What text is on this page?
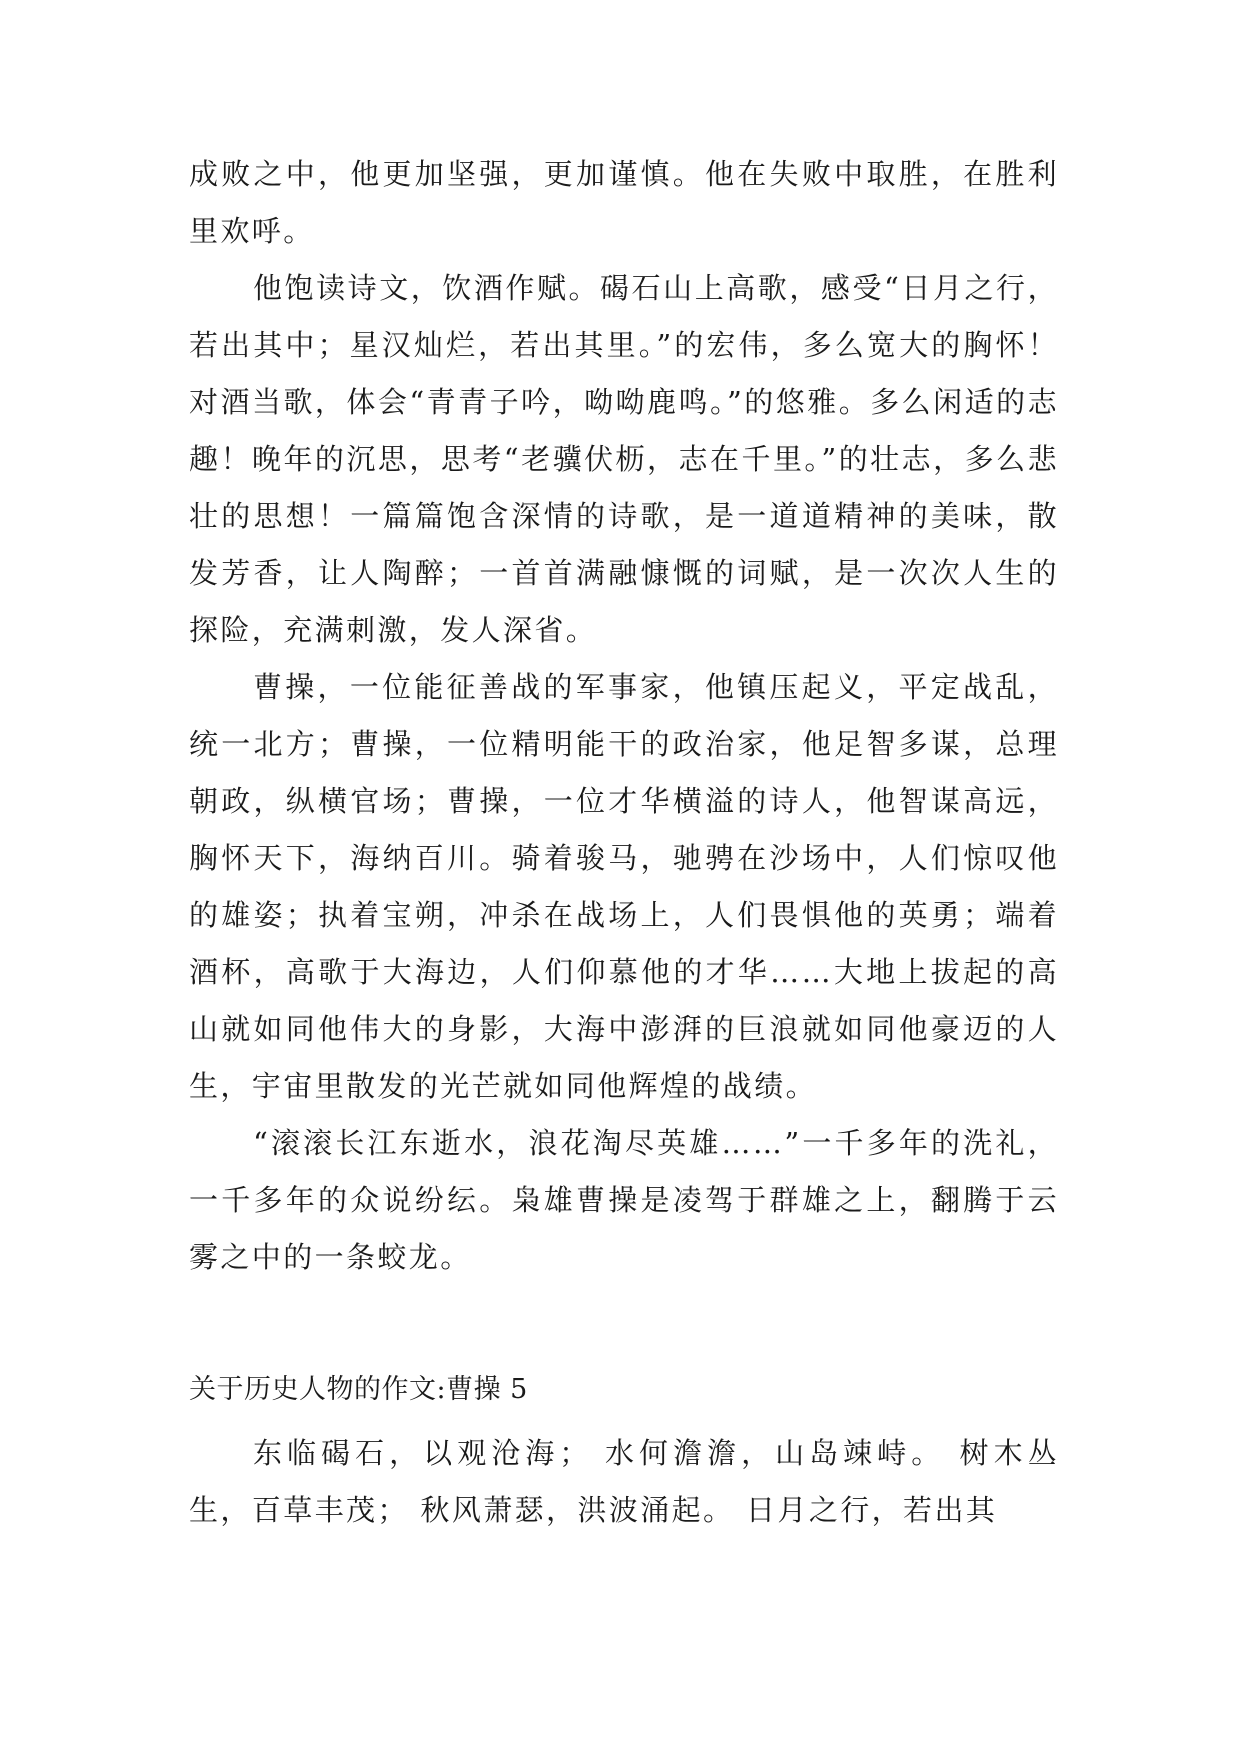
成败之中，他更加坚强，更加谨慎。他在失败中取胜，在胜利里欢呼。

他饱读诗文，饮酒作赋。碣石山上高歌，感受“日月之行，若出其中；星汉灿烂，若出其里。”的宏伟，多么宽大的胸怀！对酒当歌，体会“青青子吟，呦呦鹿鸣。”的悠雅。多么闲适的志趣！晚年的沉思，思考“老骥伏枥，志在千里。”的壮志，多么悲壮的思想！一篇篇饱含深情的诗歌，是一道道精神的美味，散发芳香，让人陶醉；一首首满融慷慨的词赋，是一次次人生的探险，充满刺激，发人深省。

曹操，一位能征善战的军事家，他镇压起义，平定战乱，统一北方；曹操，一位精明能干的政治家，他足智多谋，总理朝政，纵横官场；曹操，一位才华横溢的诗人，他智谋高远，胸怀天下，海纳百川。骑着骏马，驰骋在沙场中，人们惊叹他的雄姿；执着宝朔，冲杀在战场上，人们畏惧他的英勇；端着酒杯，高歌于大海边，人们仰慕他的才华……大地上拔起的高山就如同他伟大的身影，大海中澎湃的巨浪就如同他豪迈的人生，宇宙里散发的光芒就如同他辉煌的战绩。

“滚滚长江东逝水，浪花淘尽英雄……”一千多年的洗礼，一千多年的众说纷纭。枭雄曹操是凌驾于群雄之上，翻腾于云雾之中的一条蛟龙。

关于历史人物的作文:曹操 5

东临碣石，以观沧海； 水何澹澹，山岛竦峙。 树木丛生，百草丰茂； 秋风萧瑟，洪波涌起。 日月之行，若出其
